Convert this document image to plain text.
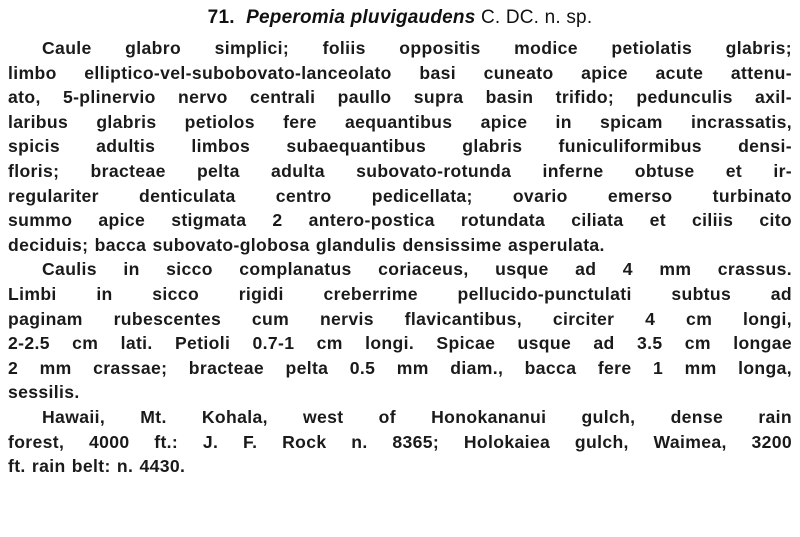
71. Peperomia pluvigaudens C. DC. n. sp.

Caule glabro simplici; foliis oppositis modice petiolatis glabris;
limbo elliptico-vel-subobovato-lanceolato basi cuneato apice acute attenu-
ato, 5-plinervio nervo centrali paullo supra basin trifido; pedunculis axil-
laribus glabris petiolos fere aequantibus apice in spicam incrassatis,
spicis adultis limbos subaequantibus glabris funiculiformibus densi-
floris; bracteae pelta adulta subovato-rotunda inferne obtuse et ir-
regulariter denticulata centro pedicellata; ovario emerso turbinato
summo apice stigmata 2 antero-postica rotundata ciliata et ciliis cito
deciduis; bacca subovato-globosa glandulis densissime asperulata.

Caulis in sicco complanatus coriaceus, usque ad 4 mm crassus.
Limbi in sicco rigidi creberrime pellucido-punctulati subtus ad
paginam rubescentes cum nervis flavicantibus, circiter 4 cm longi,
2-2.5 cm lati. Petioli 0.7-1 cm longi. Spicae usque ad 3.5 cm longae
2 mm crassae; bracteae pelta 0.5 mm diam., bacca fere 1 mm longa,
sessilis.

Hawaii, Mt. Kohala, west of Honokananui gulch, dense rain
forest, 4000 ft.: J. F. Rock n. 8365; Holokaiea gulch, Waimea, 3200
ft. rain belt: n. 4430.
